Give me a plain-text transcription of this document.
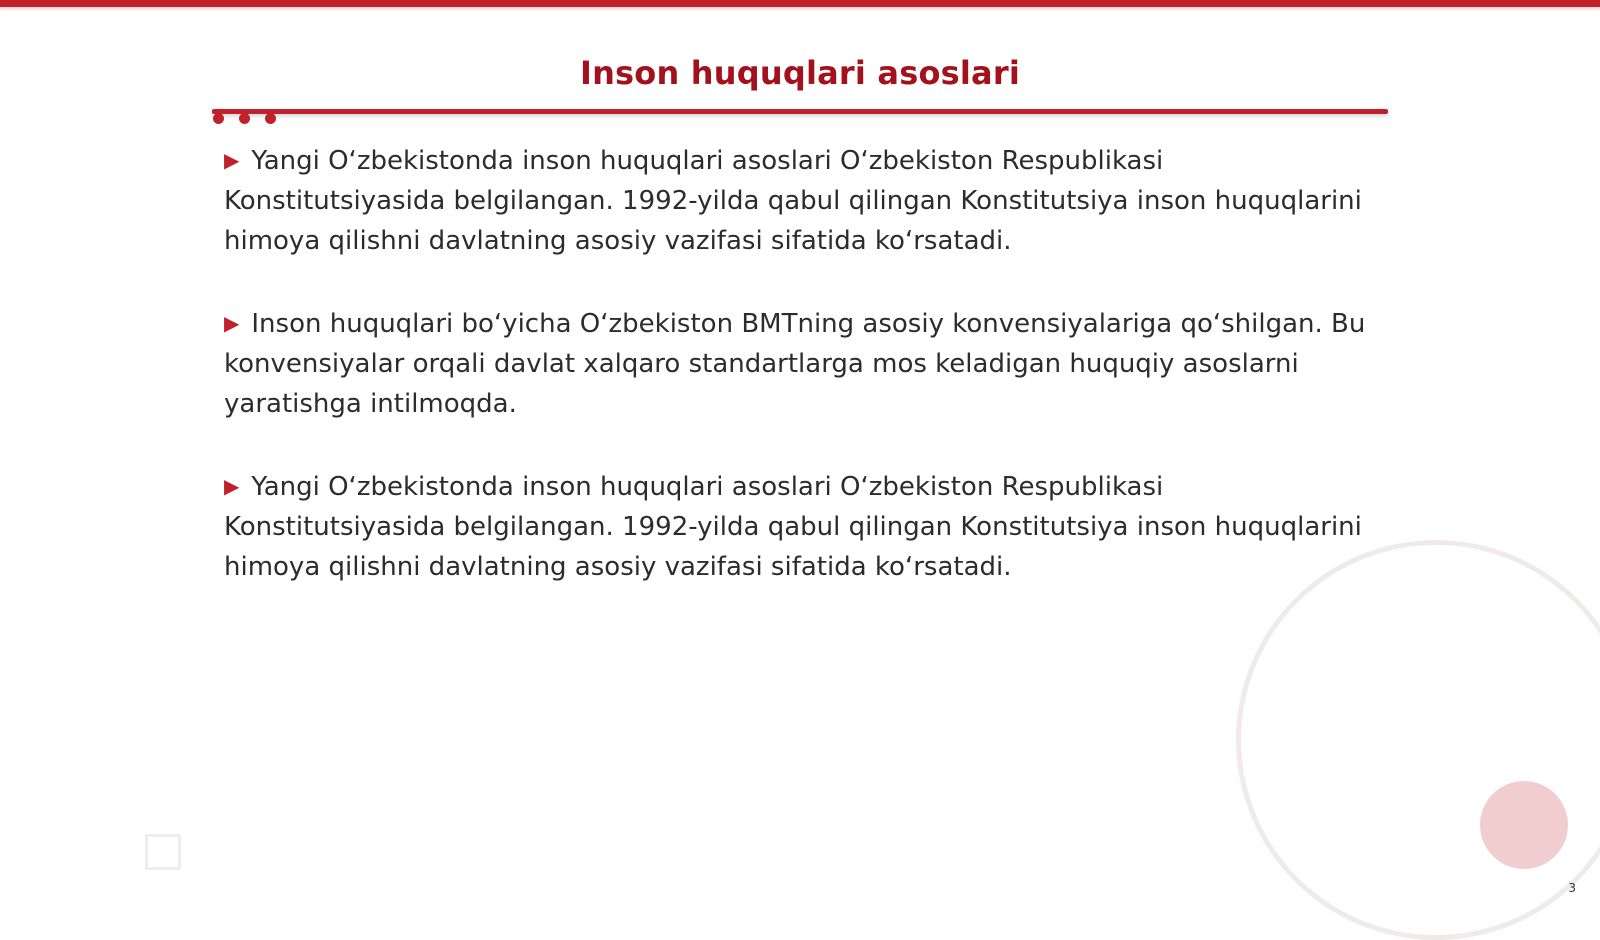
Inson huquqlari asoslari
▶ Yangi O‘zbekistonda inson huquqlari asoslari O‘zbekiston Respublikasi Konstitutsiyasida belgilangan. 1992-yilda qabul qilingan Konstitutsiya inson huquqlarini himoya qilishni davlatning asosiy vazifasi sifatida ko‘rsatadi.
▶ Inson huquqlari bo‘yicha O‘zbekiston BMTning asosiy konvensiyalariga qo‘shilgan. Bu konvensiyalar orqali davlat xalqaro standartlarga mos keladigan huquqiy asoslarni yaratishga intilmoqda.
▶ Yangi O‘zbekistonda inson huquqlari asoslari O‘zbekiston Respublikasi Konstitutsiyasida belgilangan. 1992-yilda qabul qilingan Konstitutsiya inson huquqlarini himoya qilishni davlatning asosiy vazifasi sifatida ko‘rsatadi.
3
